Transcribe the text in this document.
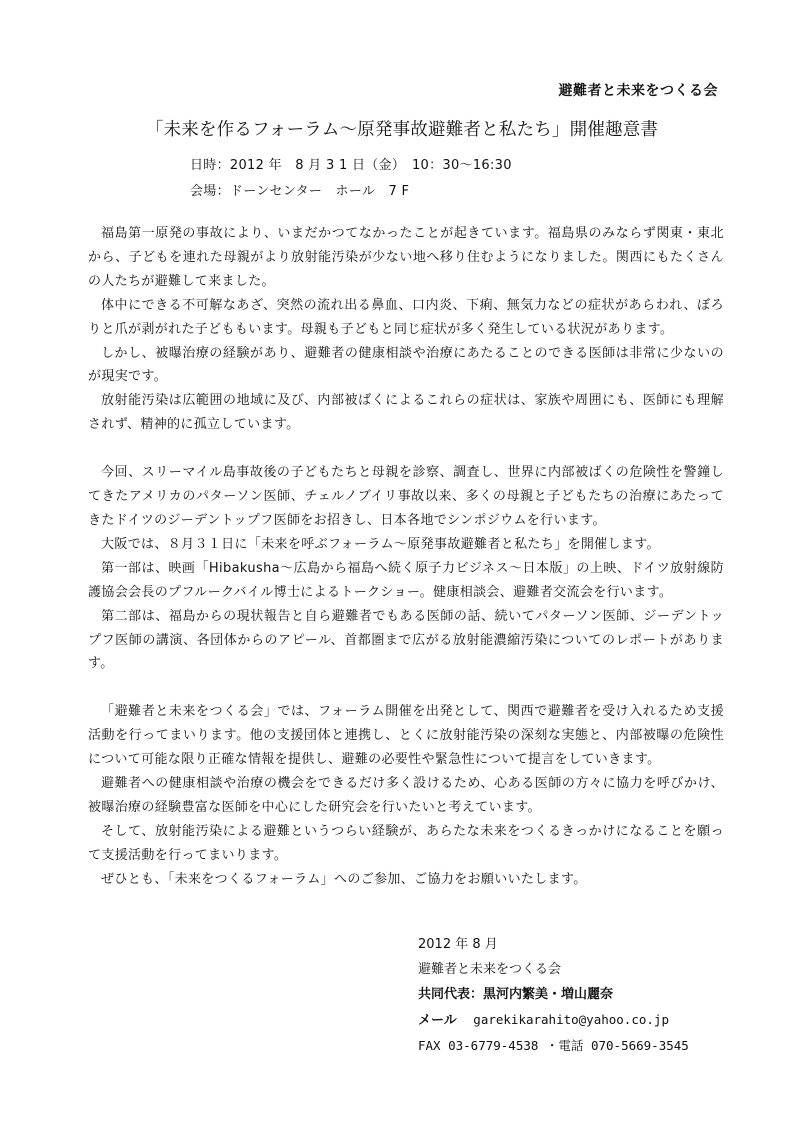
避難者と未来をつくる会
「未来を作るフォーラム～原発事故避難者と私たち」開催趣意書
日時：2012 年　8 月 3 1 日（金）　10：30～16:30
会場：ドーンセンター　ホール　7 F

福島第一原発の事故により、いまだかつてなかったことが起きています。福島県のみならず関東・東北から、子どもを連れた母親がより放射能汚染が少ない地へ移り住むようになりました。関西にもたくさんの人たちが避難して来ました。

体中にできる不可解なあざ、突然の流れ出る鼻血、口内炎、下痢、無気力などの症状があらわれ、ぼろりと爪が剥がれた子どももいます。母親も子どもと同じ症状が多く発生している状況があります。

しかし、被曝治療の経験があり、避難者の健康相談や治療にあたることのできる医師は非常に少ないのが現実です。

放射能汚染は広範囲の地域に及び、内部被ばくによるこれらの症状は、家族や周囲にも、医師にも理解されず、精神的に孤立しています。

今回、スリーマイル島事故後の子どもたちと母親を診察、調査し、世界に内部被ばくの危険性を警鐘してきたアメリカのパターソン医師、チェルノブイリ事故以来、多くの母親と子どもたちの治療にあたってきたドイツのジーデントップフ医師をお招きし、日本各地でシンポジウムを行います。

大阪では、８月３１日に「未来を呼ぶフォーラム～原発事故避難者と私たち」を開催します。

第一部は、映画「Hibakusha～広島から福島へ続く原子力ビジネス～日本版」の上映、ドイツ放射線防護協会会長のプフルークバイル博士によるトークショー。健康相談会、避難者交流会を行います。

第二部は、福島からの現状報告と自ら避難者でもある医師の話、続いてパターソン医師、ジーデントップフ医師の講演、各団体からのアピール、首都圏まで広がる放射能濃縮汚染についてのレポートがあります。

「避難者と未来をつくる会」では、フォーラム開催を出発として、関西で避難者を受け入れるため支援活動を行ってまいります。他の支援団体と連携し、とくに放射能汚染の深刻な実態と、内部被曝の危険性について可能な限り正確な情報を提供し、避難の必要性や緊急性について提言をしていきます。

避難者への健康相談や治療の機会をできるだけ多く設けるため、心ある医師の方々に協力を呼びかけ、被曝治療の経験豊富な医師を中心にした研究会を行いたいと考えています。

そして、放射能汚染による避難というつらい経験が、あらたな未来をつくるきっかけになることを願って支援活動を行ってまいります。

ぜひとも、「未来をつくるフォーラム」へのご参加、ご協力をお願いいたします。

2012 年 8 月
避難者と未来をつくる会
共同代表：黒河内繁美・増山麗奈
メール garekikarahito@yahoo.co.jp
FAX 03-6779-4538 ・電話 070-5669-3545
